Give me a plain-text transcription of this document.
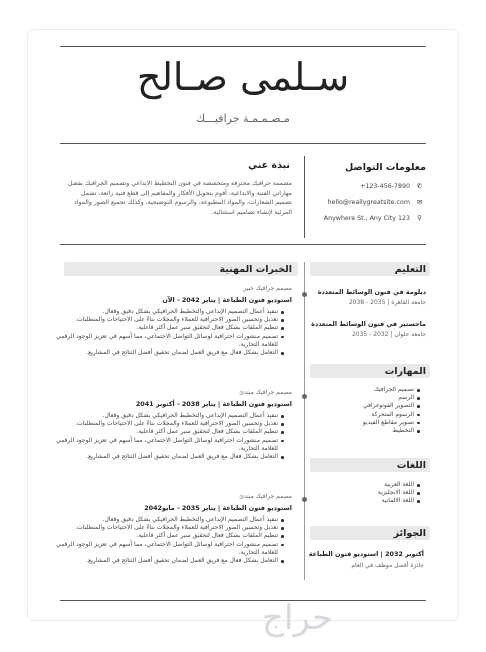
سـلمى صـالح
مـصـمـمـة جرافيـــك
معلومات التواصل
✆123-456-7890+
✉hello@reallygreatsite.com
⚲Anywhere St., Any City 123
نبذة عني
مصممة جرافيك محترفة ومتخصصة في فنون التخطيط الابداعي وتصميم الجرافيك بفضل مهاراتي الفنية والابداعية، أقوم بتحويل الأفكار والمفاهيم إلى قطع فنية رائعة، تشمل تصميم الشعارات، والمواد المطبوعة، والرسوم التوضيحية، وكذلك تجميع الصور والمواد المرئية لإنشاء تصاميم استثنائية.
التعليم
دبلومة في فنون الوسائط المتعددة
جامعة القاهرة | 2035 - 2038
ماجستير في فنون الوسائط المتعددة
جامعة حلوان | 2032 - 2035
المهارات
تصميم الجرافيك
الرسم
التصوير الفوتوغرافي
الرسوم المتحركة
تصوير مقاطع الفيديو
التخطيط
اللغات
اللغة العربية
اللغة الانجليزية
اللغة الالمانية
الجوائز
أكتوبر 2032 | استوديو فنون الطباعة
جائزة أفضل موظف في العام
الخبرات المهنية
مصمم جرافيك خبير
استوديو فنون الطباعة | يناير 2042 - الآن
تنفيذ أعمال التصميم الإبداعي والتخطيط الجرافيكي بشكل دقيق وفعال.
تعديل وتحسين الصور الاحترافية للعملاء والمجلات بناءً على الاحتياجات والمتطلبات.
تنظيم الملفات بشكل فعال لتحقيق سير عمل أكثر فاعلية.
تصميم منشورات احترافية لوسائل التواصل الاجتماعي، مما أسهم في تعزيز الوجود الرقمي للعلامة التجارية.
التعامل بشكل فعال مع فريق العمل لضمان تحقيق أفضل النتائج في المشاريع.
مصمم جرافيك مبتدئ
استوديو فنون الطباعة | يناير 2038 - أكتوبر 2041
تنفيذ أعمال التصميم الإبداعي والتخطيط الجرافيكي بشكل دقيق وفعال.
تعديل وتحسين الصور الاحترافية للعملاء والمجلات بناءً على الاحتياجات والمتطلبات.
تنظيم الملفات بشكل فعال لتحقيق سير عمل أكثر فاعلية.
تصميم منشورات احترافية لوسائل التواصل الاجتماعي، مما أسهم في تعزيز الوجود الرقمي للعلامة التجارية.
التعامل بشكل فعال مع فريق العمل لضمان تحقيق أفضل النتائج في المشاريع.
مصمم جرافيك مبتدئ
استوديو فنون الطباعة | يناير 2035 - مايو2042
تنفيذ أعمال التصميم الإبداعي والتخطيط الجرافيكي بشكل دقيق وفعال.
تعديل وتحسين الصور الاحترافية للعملاء والمجلات بناءً على الاحتياجات والمتطلبات.
تنظيم الملفات بشكل فعال لتحقيق سير عمل أكثر فاعلية.
تصميم منشورات احترافية لوسائل التواصل الاجتماعي، مما أسهم في تعزيز الوجود الرقمي للعلامة التجارية.
التعامل بشكل فعال مع فريق العمل لضمان تحقيق أفضل النتائج في المشاريع.
حراج
